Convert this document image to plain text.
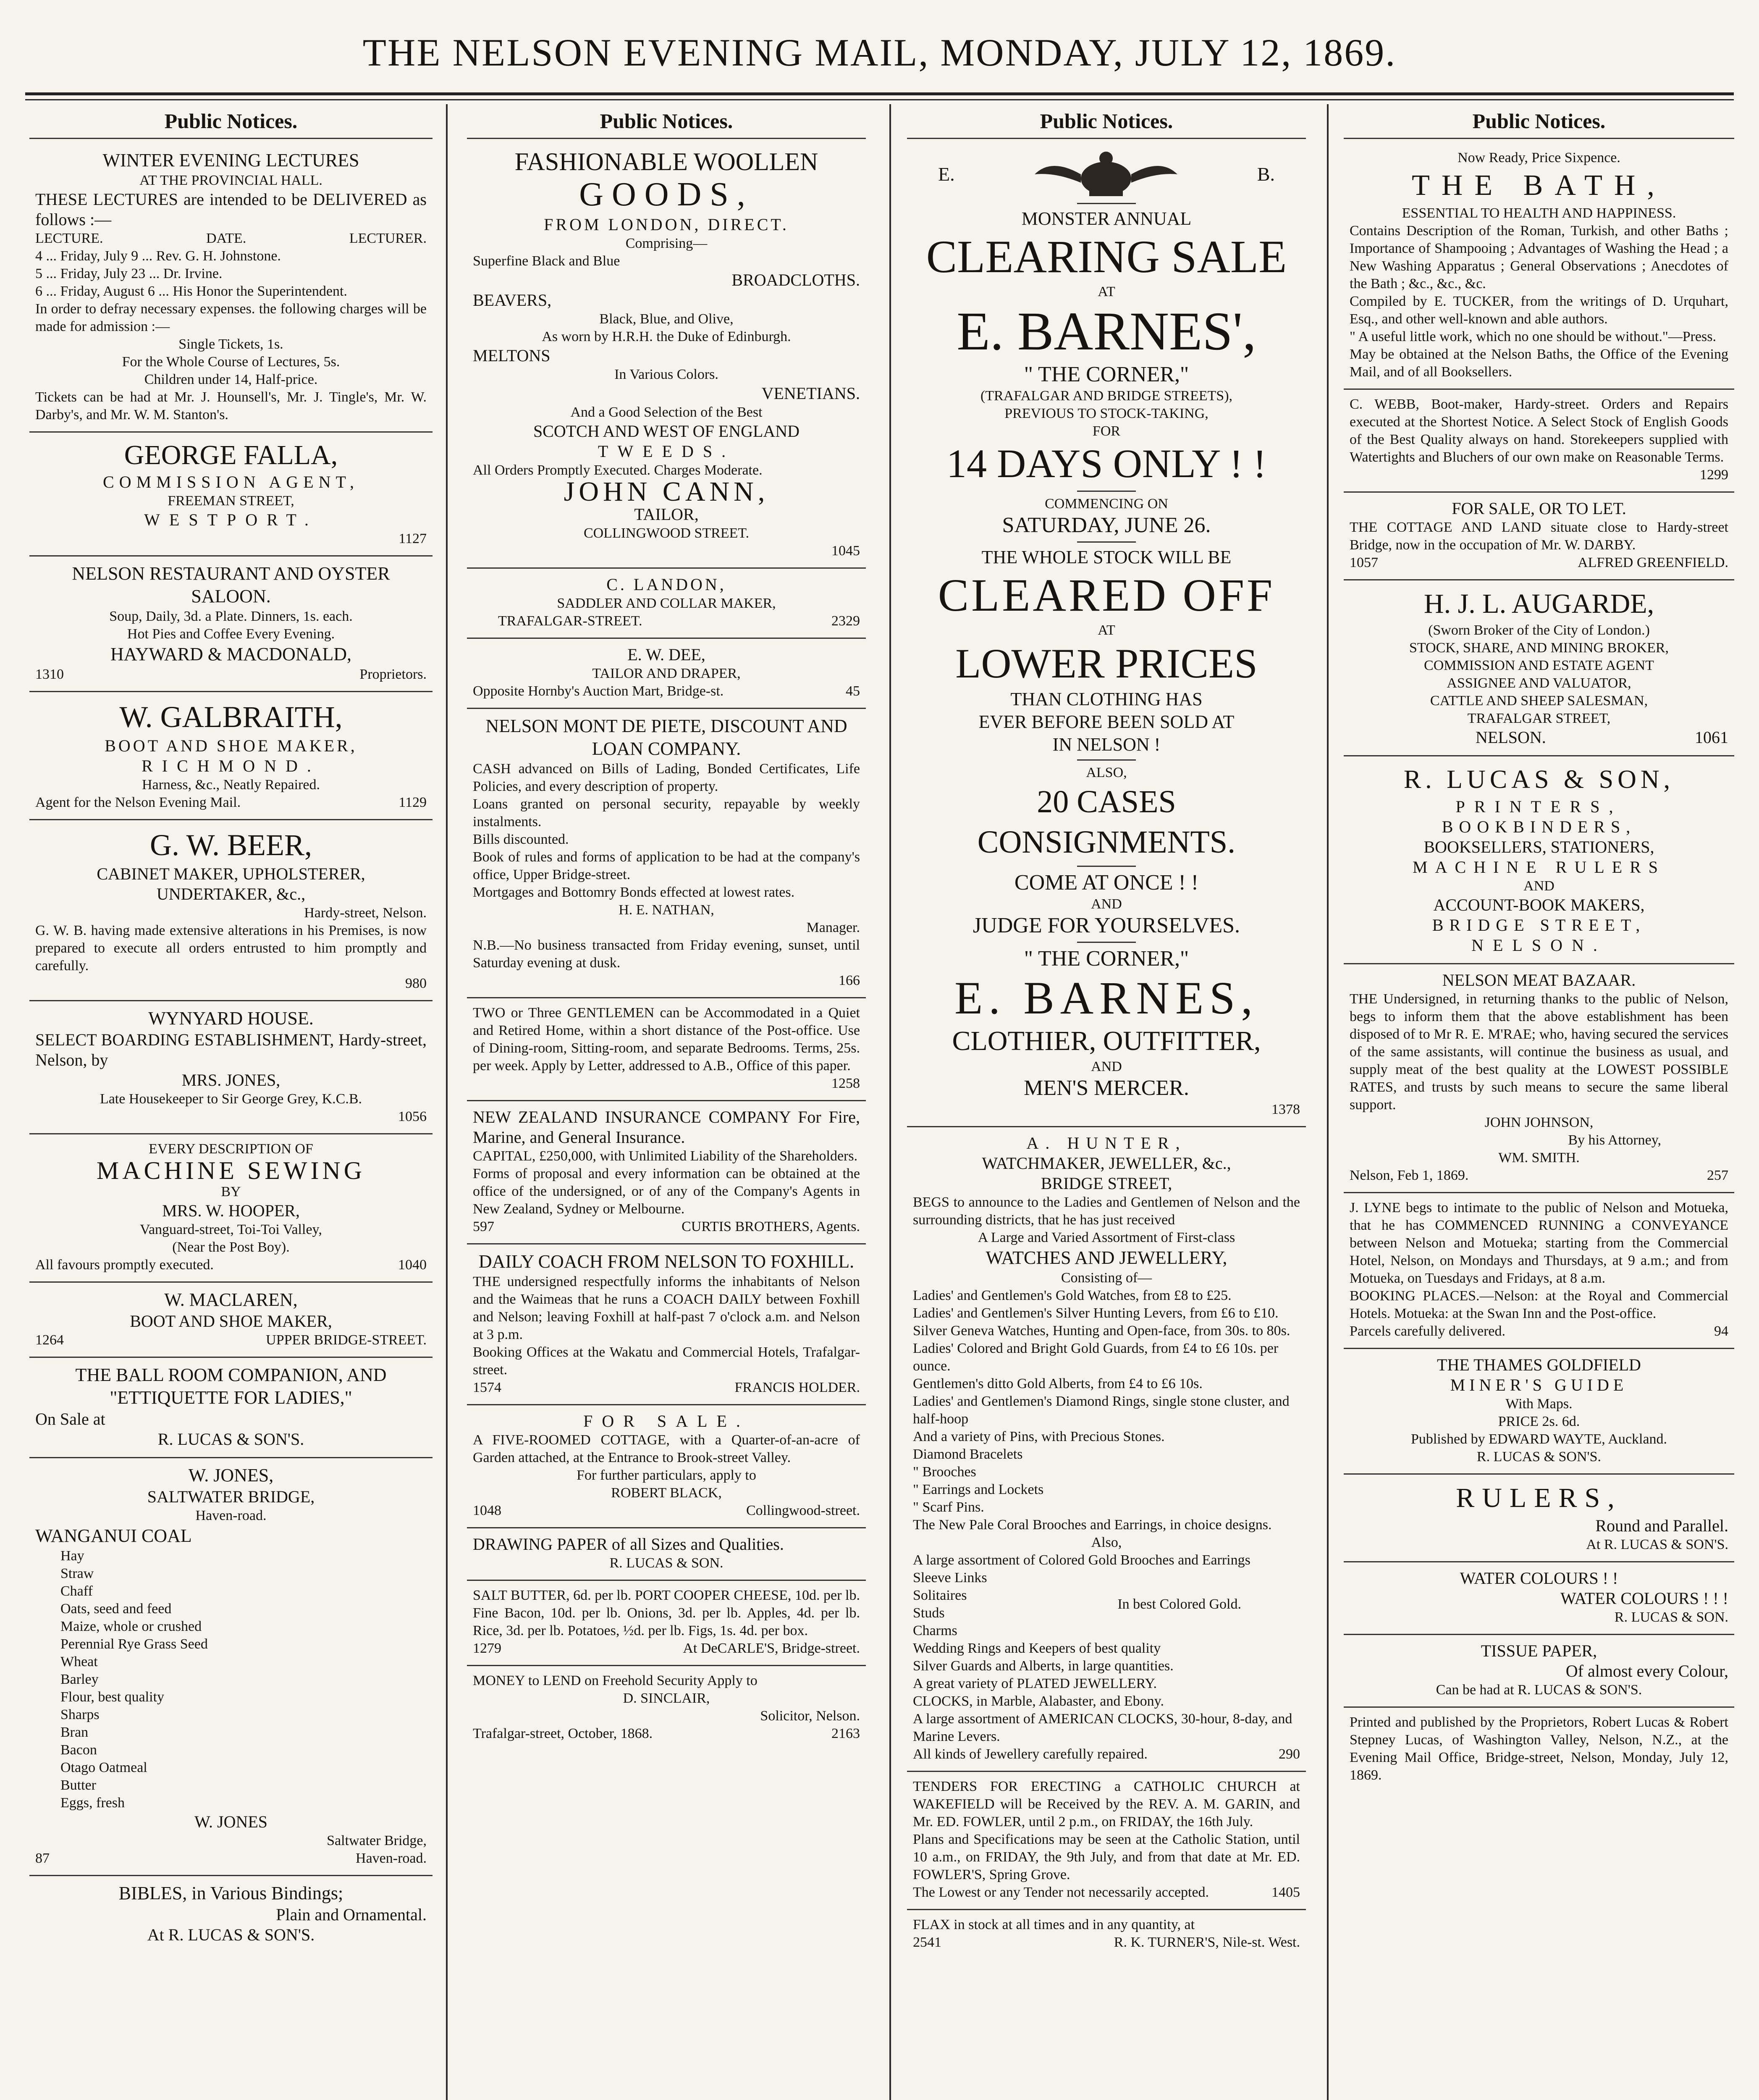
THE NELSON EVENING MAIL, MONDAY, JULY 12, 1869.
Public Notices.
WINTER EVENING LECTURES
AT THE PROVINCIAL HALL.
THESE LECTURES are intended to be DELIVERED as follows :—
LECTURE.	DATE.	LECTURER.
4 ... Friday, July 9 ... Rev. G. H. Johnstone.
5 ... Friday, July 23 ... Dr. Irvine.
6 ... Friday, August 6 ... His Honor the Superintendent.
In order to defray necessary expenses. the following charges will be made for admission :—
Single Tickets, 1s.
For the Whole Course of Lectures, 5s.
Children under 14, Half-price.
Tickets can be had at Mr. J. Hounsell's, Mr. J. Tingle's, Mr. W. Darby's, and Mr. W. M. Stanton's.
GEORGE FALLA,
COMMISSION AGENT,
FREEMAN STREET,
WESTPORT.
1127
NELSON RESTAURANT AND OYSTER SALOON.
Soup, Daily, 3d. a Plate. Dinners, 1s. each.
Hot Pies and Coffee Every Evening.
HAYWARD & MACDONALD,
1310	Proprietors.
W. GALBRAITH,
BOOT AND SHOE MAKER,
RICHMOND.
Harness, &c., Neatly Repaired.
Agent for the Nelson Evening Mail.	1129
G. W. BEER,
CABINET MAKER, UPHOLSTERER,
UNDERTAKER, &c.,
Hardy-street, Nelson.
G. W. B. having made extensive alterations in his Premises, is now prepared to execute all orders entrusted to him promptly and carefully.
980
WYNYARD HOUSE.
SELECT BOARDING ESTABLISHMENT, Hardy-street, Nelson, by
MRS. JONES,
Late Housekeeper to Sir George Grey, K.C.B.
1056
EVERY DESCRIPTION OF
MACHINE SEWING
BY
MRS. W. HOOPER,
Vanguard-street, Toi-Toi Valley,
(Near the Post Boy).
All favours promptly executed.	1040
W. MACLAREN,
BOOT AND SHOE MAKER,
1264	UPPER BRIDGE-STREET.
THE BALL ROOM COMPANION, AND "ETTIQUETTE FOR LADIES,"
On Sale at
R. LUCAS & SON'S.
W. JONES,
SALTWATER BRIDGE,
Haven-road.
WANGANUI COAL
Hay
Straw
Chaff
Oats, seed and feed
Maize, whole or crushed
Perennial Rye Grass Seed
Wheat
Barley
Flour, best quality
Sharps
Bran
Bacon
Otago Oatmeal
Butter
Eggs, fresh
W. JONES
Saltwater Bridge,
87	Haven-road.
BIBLES, in Various Bindings;
Plain and Ornamental.
At R. LUCAS & SON'S.
Public Notices.
FASHIONABLE WOOLLEN
GOODS,
FROM LONDON, DIRECT.
Comprising—
Superfine Black and Blue
BROADCLOTHS.
BEAVERS,
Black, Blue, and Olive,
As worn by H.R.H. the Duke of Edinburgh.
MELTONS
In Various Colors.
VENETIANS.
And a Good Selection of the Best
SCOTCH AND WEST OF ENGLAND
TWEEDS.
All Orders Promptly Executed. Charges Moderate.
JOHN CANN,
TAILOR,
COLLINGWOOD STREET.
1045
C. LANDON,
SADDLER AND COLLAR MAKER,
TRAFALGAR-STREET.	2329
E. W. DEE,
TAILOR AND DRAPER,
Opposite Hornby's Auction Mart, Bridge-st.	45
NELSON MONT DE PIETE, DISCOUNT AND LOAN COMPANY.
CASH advanced on Bills of Lading, Bonded Certificates, Life Policies, and every description of property.
Loans granted on personal security, repayable by weekly instalments.
Bills discounted.
Book of rules and forms of application to be had at the company's office, Upper Bridge-street.
Mortgages and Bottomry Bonds effected at lowest rates.
H. E. NATHAN,
Manager.
N.B.—No business transacted from Friday evening, sunset, until Saturday evening at dusk.
166
TWO or Three GENTLEMEN can be Accommodated in a Quiet and Retired Home, within a short distance of the Post-office. Use of Dining-room, Sitting-room, and separate Bedrooms. Terms, 25s. per week. Apply by Letter, addressed to A.B., Office of this paper.
1258
NEW ZEALAND INSURANCE COMPANY For Fire, Marine, and General Insurance.
CAPITAL, £250,000, with Unlimited Liability of the Shareholders.
Forms of proposal and every information can be obtained at the office of the undersigned, or of any of the Company's Agents in New Zealand, Sydney or Melbourne.
597	CURTIS BROTHERS, Agents.
DAILY COACH FROM NELSON TO FOXHILL.
THE undersigned respectfully informs the inhabitants of Nelson and the Waimeas that he runs a COACH DAILY between Foxhill and Nelson; leaving Foxhill at half-past 7 o'clock a.m. and Nelson at 3 p.m.
Booking Offices at the Wakatu and Commercial Hotels, Trafalgar-street.
1574	FRANCIS HOLDER.
FOR SALE.
A FIVE-ROOMED COTTAGE, with a Quarter-of-an-acre of Garden attached, at the Entrance to Brook-street Valley.
For further particulars, apply to
ROBERT BLACK,
1048	Collingwood-street.
DRAWING PAPER of all Sizes and Qualities.
R. LUCAS & SON.
SALT BUTTER, 6d. per lb. PORT COOPER CHEESE, 10d. per lb. Fine Bacon, 10d. per lb. Onions, 3d. per lb. Apples, 4d. per lb. Rice, 3d. per lb. Potatoes, ½d. per lb. Figs, 1s. 4d. per box.
1279	At DeCARLE'S, Bridge-street.
MONEY to LEND on Freehold Security Apply to
D. SINCLAIR,
Solicitor, Nelson.
Trafalgar-street, October, 1868.	2163
Public Notices.
E.	B.
MONSTER ANNUAL
CLEARING SALE
AT
E. BARNES',
" THE CORNER,"
(TRAFALGAR AND BRIDGE STREETS),
PREVIOUS TO STOCK-TAKING,
FOR
14 DAYS ONLY ! !
COMMENCING ON
SATURDAY, JUNE 26.
THE WHOLE STOCK WILL BE
CLEARED OFF
AT
LOWER PRICES
THAN CLOTHING HAS
EVER BEFORE BEEN SOLD AT
IN NELSON !
ALSO,
20 CASES CONSIGNMENTS.
COME AT ONCE ! !
AND
JUDGE FOR YOURSELVES.
" THE CORNER,"
E. BARNES,
CLOTHIER, OUTFITTER,
AND
MEN'S MERCER.
1378
A. HUNTER,
WATCHMAKER, JEWELLER, &c.,
BRIDGE STREET,
BEGS to announce to the Ladies and Gentlemen of Nelson and the surrounding districts, that he has just received
A Large and Varied Assortment of First-class
WATCHES AND JEWELLERY,
Consisting of—
Ladies' and Gentlemen's Gold Watches, from £8 to £25.
Ladies' and Gentlemen's Silver Hunting Levers, from £6 to £10.
Silver Geneva Watches, Hunting and Open-face, from 30s. to 80s.
Ladies' Colored and Bright Gold Guards, from £4 to £6 10s. per ounce.
Gentlemen's ditto Gold Alberts, from £4 to £6 10s.
Ladies' and Gentlemen's Diamond Rings, single stone cluster, and half-hoop
And a variety of Pins, with Precious Stones.
Diamond Bracelets
" Brooches
" Earrings and Lockets
" Scarf Pins.
The New Pale Coral Brooches and Earrings, in choice designs.
Also,
A large assortment of Colored Gold Brooches and Earrings
Sleeve Links
Solitaires
Studs
Charms
In best Colored Gold.
Wedding Rings and Keepers of best quality
Silver Guards and Alberts, in large quantities.
A great variety of PLATED JEWELLERY.
CLOCKS, in Marble, Alabaster, and Ebony.
A large assortment of AMERICAN CLOCKS, 30-hour, 8-day, and Marine Levers.
All kinds of Jewellery carefully repaired.	290
TENDERS FOR ERECTING a CATHOLIC CHURCH at WAKEFIELD will be Received by the REV. A. M. GARIN, and Mr. ED. FOWLER, until 2 p.m., on FRIDAY, the 16th July.
Plans and Specifications may be seen at the Catholic Station, until 10 a.m., on FRIDAY, the 9th July, and from that date at Mr. ED. FOWLER'S, Spring Grove.
The Lowest or any Tender not necessarily accepted.	1405
FLAX in stock at all times and in any quantity, at
2541	R. K. TURNER'S, Nile-st. West.
Public Notices.
Now Ready, Price Sixpence.
THE BATH,
ESSENTIAL TO HEALTH AND HAPPINESS.
Contains Description of the Roman, Turkish, and other Baths ; Importance of Shampooing ; Advantages of Washing the Head ; a New Washing Apparatus ; General Observations ; Anecdotes of the Bath ; &c., &c., &c.
Compiled by E. TUCKER, from the writings of D. Urquhart, Esq., and other well-known and able authors.
" A useful little work, which no one should be without."—Press.
May be obtained at the Nelson Baths, the Office of the Evening Mail, and of all Booksellers.
C. WEBB, Boot-maker, Hardy-street. Orders and Repairs executed at the Shortest Notice. A Select Stock of English Goods of the Best Quality always on hand. Storekeepers supplied with Watertights and Bluchers of our own make on Reasonable Terms.
1299
FOR SALE, OR TO LET.
THE COTTAGE AND LAND situate close to Hardy-street Bridge, now in the occupation of Mr. W. DARBY.
1057	ALFRED GREENFIELD.
H. J. L. AUGARDE,
(Sworn Broker of the City of London.)
STOCK, SHARE, AND MINING BROKER,
COMMISSION AND ESTATE AGENT
ASSIGNEE AND VALUATOR,
CATTLE AND SHEEP SALESMAN,
TRAFALGAR STREET,
NELSON.	1061
R. LUCAS & SON,
PRINTERS,
BOOKBINDERS,
BOOKSELLERS, STATIONERS,
MACHINE RULERS
AND
ACCOUNT-BOOK MAKERS,
BRIDGE STREET,
NELSON.
NELSON MEAT BAZAAR.
THE Undersigned, in returning thanks to the public of Nelson, begs to inform them that the above establishment has been disposed of to Mr R. E. M'RAE; who, having secured the services of the same assistants, will continue the business as usual, and supply meat of the best quality at the LOWEST POSSIBLE RATES, and trusts by such means to secure the same liberal support.
JOHN JOHNSON,
By his Attorney,
WM. SMITH.
Nelson, Feb 1, 1869.	257
J. LYNE begs to intimate to the public of Nelson and Motueka, that he has COMMENCED RUNNING a CONVEYANCE between Nelson and Motueka; starting from the Commercial Hotel, Nelson, on Mondays and Thursdays, at 9 a.m.; and from Motueka, on Tuesdays and Fridays, at 8 a.m.
BOOKING PLACES.—Nelson: at the Royal and Commercial Hotels. Motueka: at the Swan Inn and the Post-office.
Parcels carefully delivered.	94
THE THAMES GOLDFIELD
MINER'S GUIDE
With Maps.
PRICE 2s. 6d.
Published by EDWARD WAYTE, Auckland.
R. LUCAS & SON'S.
RULERS,
Round and Parallel.
At R. LUCAS & SON'S.
WATER COLOURS ! !
WATER COLOURS ! ! !
R. LUCAS & SON.
TISSUE PAPER,
Of almost every Colour,
Can be had at R. LUCAS & SON'S.
Printed and published by the Proprietors, Robert Lucas & Robert Stepney Lucas, of Washington Valley, Nelson, N.Z., at the Evening Mail Office, Bridge-street, Nelson, Monday, July 12, 1869.
